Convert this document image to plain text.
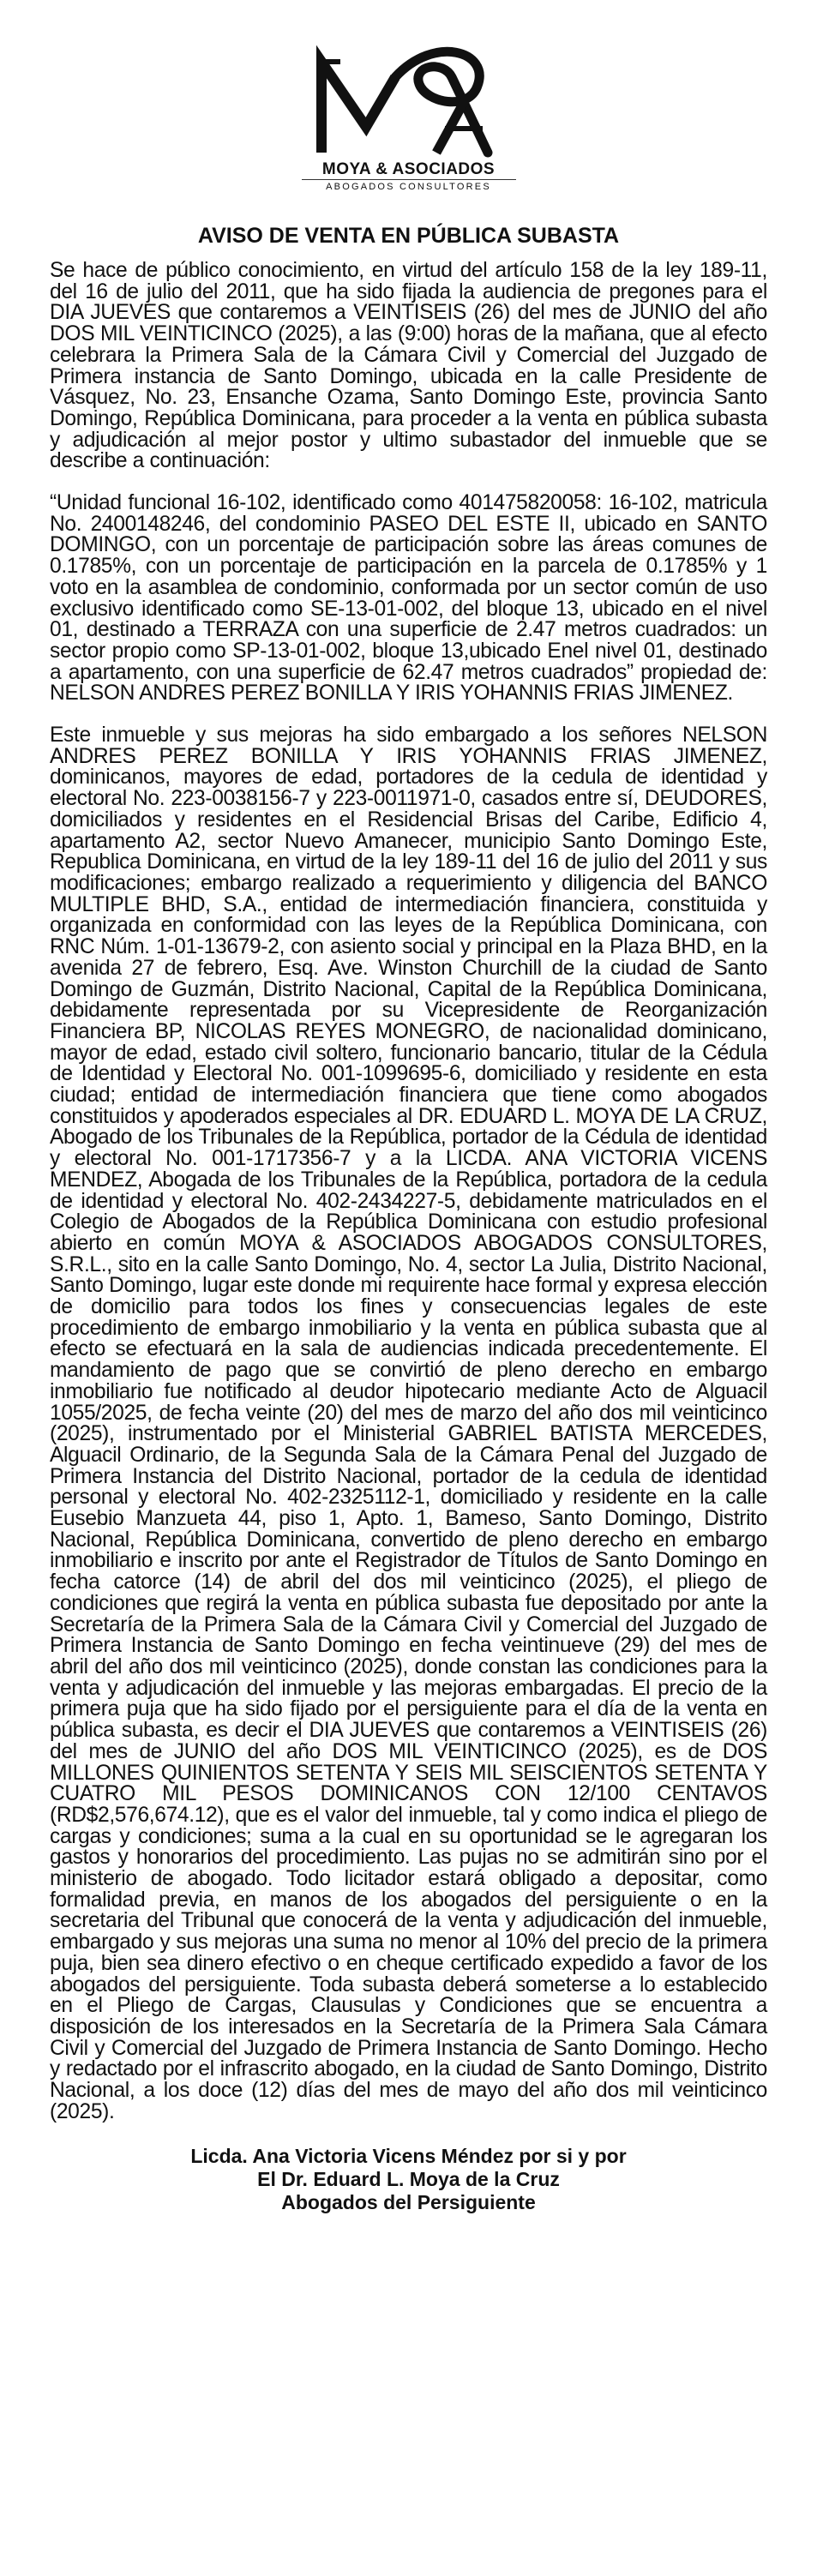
MOYA & ASOCIADOS
ABOGADOS CONSULTORES
AVISO DE VENTA EN PÚBLICA SUBASTA

Se hace de público conocimiento, en virtud del artículo 158 de la ley 189-11, del 16 de julio del 2011, que ha sido fijada la audiencia de pregones para el DIA JUEVES que contaremos a VEINTISEIS (26) del mes de JUNIO del año DOS MIL VEINTICINCO (2025), a las (9:00) horas de la mañana, que al efecto celebrara la Primera Sala de la Cámara Civil y Comercial del Juzgado de Primera instancia de Santo Domingo, ubicada en la calle Presidente de Vásquez, No. 23, Ensanche Ozama, Santo Domingo Este, provincia Santo Domingo, República Dominicana, para proceder a la venta en pública subasta y adjudicación al mejor postor y ultimo subastador del inmueble que se describe a continuación:

“Unidad funcional 16-102, identificado como 401475820058: 16-102, matricula No. 2400148246, del condominio PASEO DEL ESTE II, ubicado en SANTO DOMINGO, con un porcentaje de participación sobre las áreas comunes de 0.1785%, con un porcentaje de participación en la parcela de 0.1785% y 1 voto en la asamblea de condominio, conformada por un sector común de uso exclusivo identificado como SE-13-01-002, del bloque 13, ubicado en el nivel 01, destinado a TERRAZA con una superficie de 2.47 metros cuadrados: un sector propio como SP-13-01-002, bloque 13,ubicado Enel nivel 01, destinado a apartamento, con una superficie de 62.47 metros cuadrados” propiedad de: NELSON ANDRES PEREZ BONILLA Y IRIS YOHANNIS FRIAS JIMENEZ.

Este inmueble y sus mejoras ha sido embargado a los señores NELSON ANDRES PEREZ BONILLA Y IRIS YOHANNIS FRIAS JIMENEZ, dominicanos, mayores de edad, portadores de la cedula de identidad y electoral No. 223-0038156-7 y 223-0011971-0, casados entre sí, DEUDORES, domiciliados y residentes en el Residencial Brisas del Caribe, Edificio 4, apartamento A2, sector Nuevo Amanecer, municipio Santo Domingo Este, Republica Dominicana, en virtud de la ley 189-11 del 16 de julio del 2011 y sus modificaciones; embargo realizado a requerimiento y diligencia del BANCO MULTIPLE BHD, S.A., entidad de intermediación financiera, constituida y organizada en conformidad con las leyes de la República Dominicana, con RNC Núm. 1-01-13679-2, con asiento social y principal en la Plaza BHD, en la avenida 27 de febrero, Esq. Ave. Winston Churchill de la ciudad de Santo Domingo de Guzmán, Distrito Nacional, Capital de la República Dominicana, debidamente representada por su Vicepresidente de Reorganización Financiera BP, NICOLAS REYES MONEGRO, de nacionalidad dominicano, mayor de edad, estado civil soltero, funcionario bancario, titular de la Cédula de Identidad y Electoral No. 001-1099695-6, domiciliado y residente en esta ciudad; entidad de intermediación financiera que tiene como abogados constituidos y apoderados especiales al DR. EDUARD L. MOYA DE LA CRUZ, Abogado de los Tribunales de la República, portador de la Cédula de identidad y electoral No. 001-1717356-7 y a la LICDA. ANA VICTORIA VICENS MENDEZ, Abogada de los Tribunales de la República, portadora de la cedula de identidad y electoral No. 402-2434227-5, debidamente matriculados en el Colegio de Abogados de la República Dominicana con estudio profesional abierto en común MOYA & ASOCIADOS ABOGADOS CONSULTORES, S.R.L., sito en la calle Santo Domingo, No. 4, sector La Julia, Distrito Nacional, Santo Domingo, lugar este donde mi requirente hace formal y expresa elección de domicilio para todos los fines y consecuencias legales de este procedimiento de embargo inmobiliario y la venta en pública subasta que al efecto se efectuará en la sala de audiencias indicada precedentemente. El mandamiento de pago que se convirtió de pleno derecho en embargo inmobiliario fue notificado al deudor hipotecario mediante Acto de Alguacil 1055/2025, de fecha veinte (20) del mes de marzo del año dos mil veinticinco (2025), instrumentado por el Ministerial GABRIEL BATISTA MERCEDES, Alguacil Ordinario, de la Segunda Sala de la Cámara Penal del Juzgado de Primera Instancia del Distrito Nacional, portador de la cedula de identidad personal y electoral No. 402-2325112-1, domiciliado y residente en la calle Eusebio Manzueta 44, piso 1, Apto. 1, Bameso, Santo Domingo, Distrito Nacional, República Dominicana, convertido de pleno derecho en embargo inmobiliario e inscrito por ante el Registrador de Títulos de Santo Domingo en fecha catorce (14) de abril del dos mil veinticinco (2025), el pliego de condiciones que regirá la venta en pública subasta fue depositado por ante la Secretaría de la Primera Sala de la Cámara Civil y Comercial del Juzgado de Primera Instancia de Santo Domingo en fecha veintinueve (29) del mes de abril del año dos mil veinticinco (2025), donde constan las condiciones para la venta y adjudicación del inmueble y las mejoras embargadas. El precio de la primera puja que ha sido fijado por el persiguiente para el día de la venta en pública subasta, es decir el DIA JUEVES que contaremos a VEINTISEIS (26) del mes de JUNIO del año DOS MIL VEINTICINCO (2025), es de DOS MILLONES QUINIENTOS SETENTA Y SEIS MIL SEISCIENTOS SETENTA Y CUATRO MIL PESOS DOMINICANOS CON 12/100 CENTAVOS (RD$2,576,674.12), que es el valor del inmueble, tal y como indica el pliego de cargas y condiciones; suma a la cual en su oportunidad se le agregaran los gastos y honorarios del procedimiento. Las pujas no se admitirán sino por el ministerio de abogado. Todo licitador estará obligado a depositar, como formalidad previa, en manos de los abogados del persiguiente o en la secretaria del Tribunal que conocerá de la venta y adjudicación del inmueble, embargado y sus mejoras una suma no menor al 10% del precio de la primera puja, bien sea dinero efectivo o en cheque certificado expedido a favor de los abogados del persiguiente. Toda subasta deberá someterse a lo establecido en el Pliego de Cargas, Clausulas y Condiciones que se encuentra a disposición de los interesados en la Secretaría de la Primera Sala Cámara Civil y Comercial del Juzgado de Primera Instancia de Santo Domingo. Hecho y redactado por el infrascrito abogado, en la ciudad de Santo Domingo, Distrito Nacional, a los doce (12) días del mes de mayo del año dos mil veinticinco (2025).

Licda. Ana Victoria Vicens Méndez por si y por
El Dr. Eduard L. Moya de la Cruz
Abogados del Persiguiente
